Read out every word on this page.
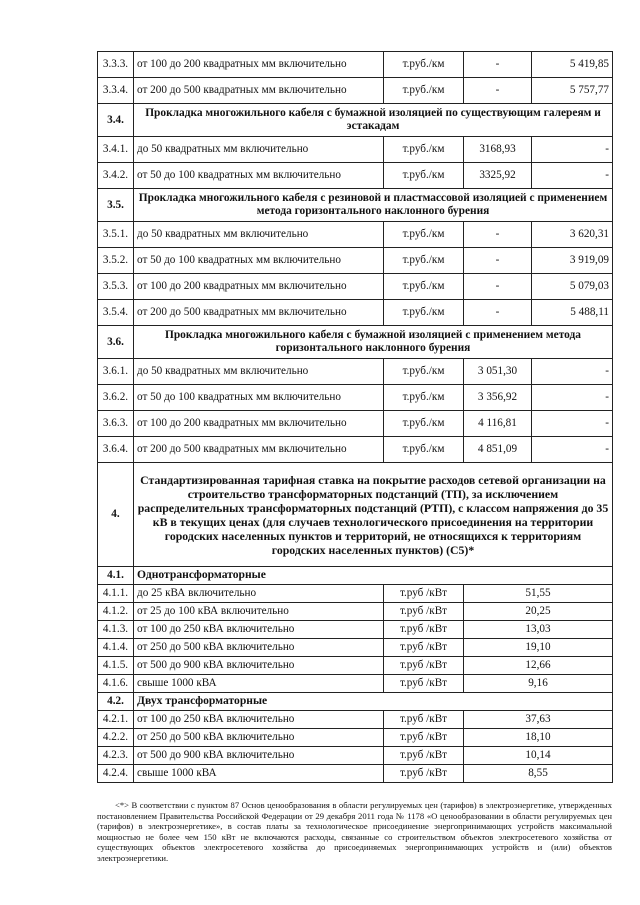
3.3.3.	от 100 до 200 квадратных мм включительно	т.руб./км	-	5 419,85
3.3.4.	от 200 до 500 квадратных мм включительно	т.руб./км	-	5 757,77
3.4.	Прокладка многожильного кабеля с бумажной изоляцией по существующим галереям и эстакадам			
3.4.1.	до 50 квадратных мм включительно	т.руб./км	3168,93	-
3.4.2.	от 50 до 100 квадратных мм включительно	т.руб./км	3325,92	-
3.5.	Прокладка многожильного кабеля с резиновой и пластмассовой изоляцией с применением метода горизонтального наклонного бурения			
3.5.1.	до 50 квадратных мм включительно	т.руб./км	-	3 620,31
3.5.2.	от 50 до 100 квадратных мм включительно	т.руб./км	-	3 919,09
3.5.3.	от 100 до 200 квадратных мм включительно	т.руб./км	-	5 079,03
3.5.4.	от 200 до 500 квадратных мм включительно	т.руб./км	-	5 488,11
3.6.	Прокладка многожильного кабеля с бумажной изоляцией с применением метода горизонтального наклонного бурения			
3.6.1.	до 50 квадратных мм включительно	т.руб./км	3 051,30	-
3.6.2.	от 50 до 100 квадратных мм включительно	т.руб./км	3 356,92	-
3.6.3.	от 100 до 200 квадратных мм включительно	т.руб./км	4 116,81	-
3.6.4.	от 200 до 500 квадратных мм включительно	т.руб./км	4 851,09	-
4.	Стандартизированная тарифная ставка на покрытие расходов сетевой организации на строительство трансформаторных подстанций (ТП), за исключением распределительных трансформаторных подстанций (РТП), с классом напряжения до 35 кВ в текущих ценах (для случаев технологического присоединения на территории городских населенных пунктов и территорий, не относящихся к территориям городских населенных пунктов) (С5)*			
4.1.	Однотрансформаторные			
4.1.1.	до 25 кВА включительно	т.руб /кВт	51,55	
4.1.2.	от 25 до 100 кВА включительно	т.руб /кВт	20,25	
4.1.3.	от 100 до 250 кВА включительно	т.руб /кВт	13,03	
4.1.4.	от 250 до 500 кВА включительно	т.руб /кВт	19,10	
4.1.5.	от 500 до 900 кВА включительно	т.руб /кВт	12,66	
4.1.6.	свыше 1000 кВА	т.руб /кВт	9,16	
4.2.	Двух трансформаторные			
4.2.1.	от 100 до 250 кВА включительно	т.руб /кВт	37,63	
4.2.2.	от 250 до 500 кВА включительно	т.руб /кВт	18,10	
4.2.3.	от 500 до 900 кВА включительно	т.руб /кВт	10,14	
4.2.4.	свыше 1000 кВА	т.руб /кВт	8,55	
<*> В соответствии с пунктом 87 Основ ценообразования в области регулируемых цен (тарифов) в электроэнергетике, утвержденных постановлением Правительства Российской Федерации от 29 декабря 2011 года № 1178 «О ценообразовании в области регулируемых цен (тарифов) в электроэнергетике», в состав платы за технологическое присоединение энергопринимающих устройств максимальной мощностью не более чем 150 кВт не включаются расходы, связанные со строительством объектов электросетевого хозяйства от существующих объектов электросетевого хозяйства до присоединяемых энергопринимающих устройств и (или) объектов электроэнергетики.
